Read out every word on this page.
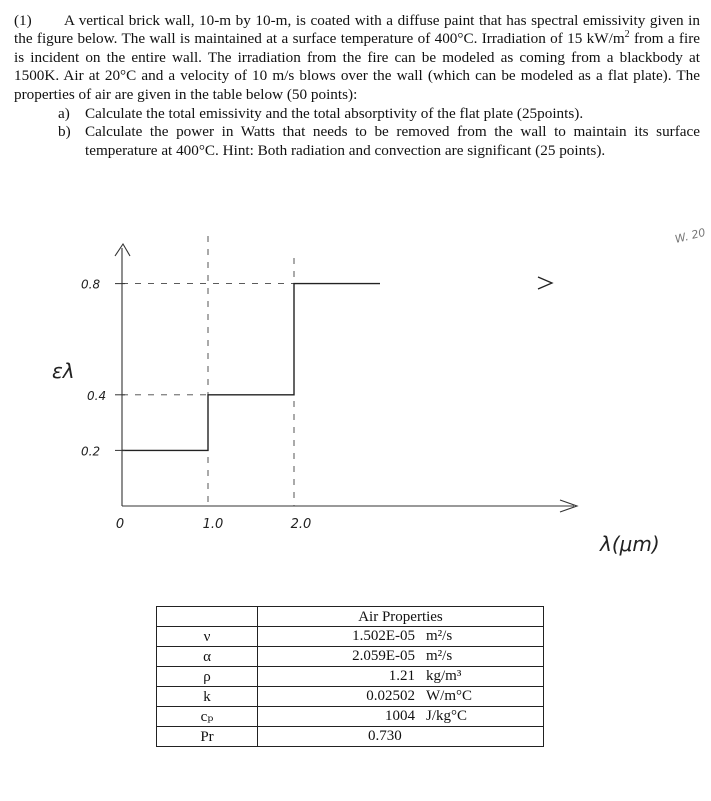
(1) A vertical brick wall, 10-m by 10-m, is coated with a diffuse paint that has spectral emissivity given in the figure below. The wall is maintained at a surface temperature of 400°C. Irradiation of 15 $kW/m^2$ from a fire is incident on the entire wall. The irradiation from the fire can be modeled as coming from a blackbody at 1500K. Air at 20°C and a velocity of 10 m/s blows over the wall (which can be modeled as a flat plate). The properties of air are given in the table below (50 points):

a) Calculate the total emissivity and the total absorptivity of the flat plate (25points).
b) Calculate the power in Watts that needs to be removed from the wall to maintain its surface temperature at 400°C. Hint: Both radiation and convection are significant (25 points).
0.2
0.4
0.8
0	1.0	2.0
ελ
λ(μm)
W. 20
	Air Properties
ν	1.502E-05 m²/s

α	2.059E-05 m²/s

ρ	1.21 kg/m³

k	0.02502 W/m°C

cₚ	1004 J/kg°C

Pr	0.730
